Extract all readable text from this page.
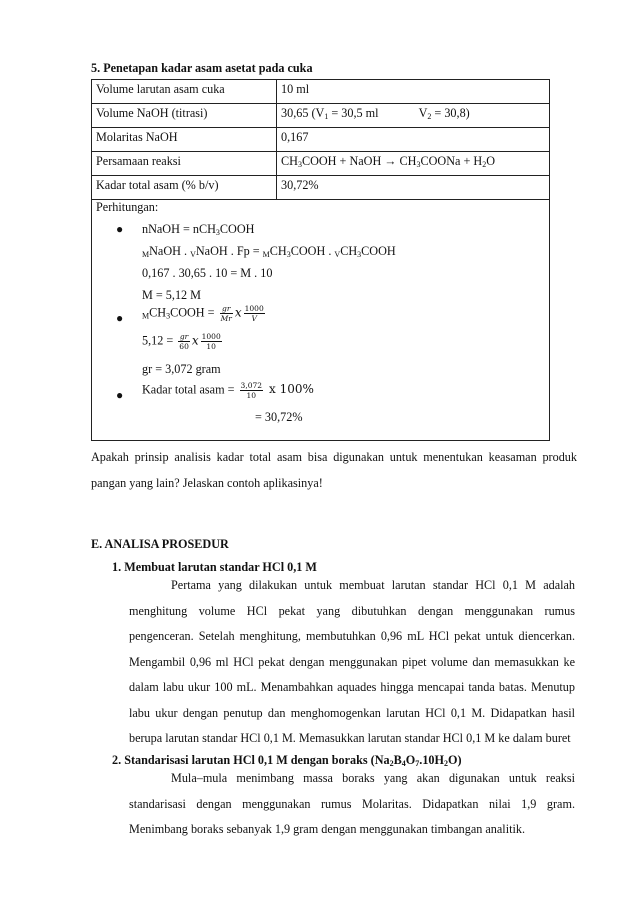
5. Penetapan kadar asam asetat pada cuka
Volume larutan asam cuka	10 ml
Volume NaOH (titrasi)	30,65 ($V_1 = 30,5$ ml $V_2 = 30,8$)
Molaritas NaOH	0,167
Persamaan reaksi	$CH_3COOH$ + NaOH → $CH_3COONa + H_2O$
Kadar total asam (% b/v)	30,72%
Perhitungan:
● nNaOH = nCH$_3$COOH
$_M$NaOH . $_V$NaOH . $Fp = _MCH_3COOH$ . $_VCH_3COOH$
0,167 . 30,65 . 10 = M . 10
M = 5,12 M
● $_MCH_3COOH = \frac{gr}{Mr}$ x $\frac{1000}{V}$
$5,12 = \frac{gr}{60}$ x $\frac{1000}{10}$
gr = 3,072 gram
● Kadar total asam = $\frac{3,072}{10}$ x 100%
= 30,72%
Apakah prinsip analisis kadar total asam bisa digunakan untuk menentukan keasaman produk pangan yang lain? Jelaskan contoh aplikasinya!
E. ANALISA PROSEDUR
1. Membuat larutan standar HCl 0,1 M
Pertama yang dilakukan untuk membuat larutan standar HCl 0,1 M adalah menghitung volume HCl pekat yang dibutuhkan dengan menggunakan rumus pengenceran. Setelah menghitung, membutuhkan 0,96 mL HCl pekat untuk diencerkan. Mengambil 0,96 ml HCl pekat dengan menggunakan pipet volume dan memasukkan ke dalam labu ukur 100 mL. Menambahkan aquades hingga mencapai tanda batas. Menutup labu ukur dengan penutup dan menghomogenkan larutan HCl 0,1 M. Didapatkan hasil berupa larutan standar HCl 0,1 M. Memasukkan larutan standar HCl 0,1 M ke dalam buret
2. Standarisasi larutan HCl 0,1 M dengan boraks $(Na_2B_4O_7.10H_2O)$
Mula–mula menimbang massa boraks yang akan digunakan untuk reaksi standarisasi dengan menggunakan rumus Molaritas. Didapatkan nilai 1,9 gram. Menimbang boraks sebanyak 1,9 gram dengan menggunakan timbangan analitik.
